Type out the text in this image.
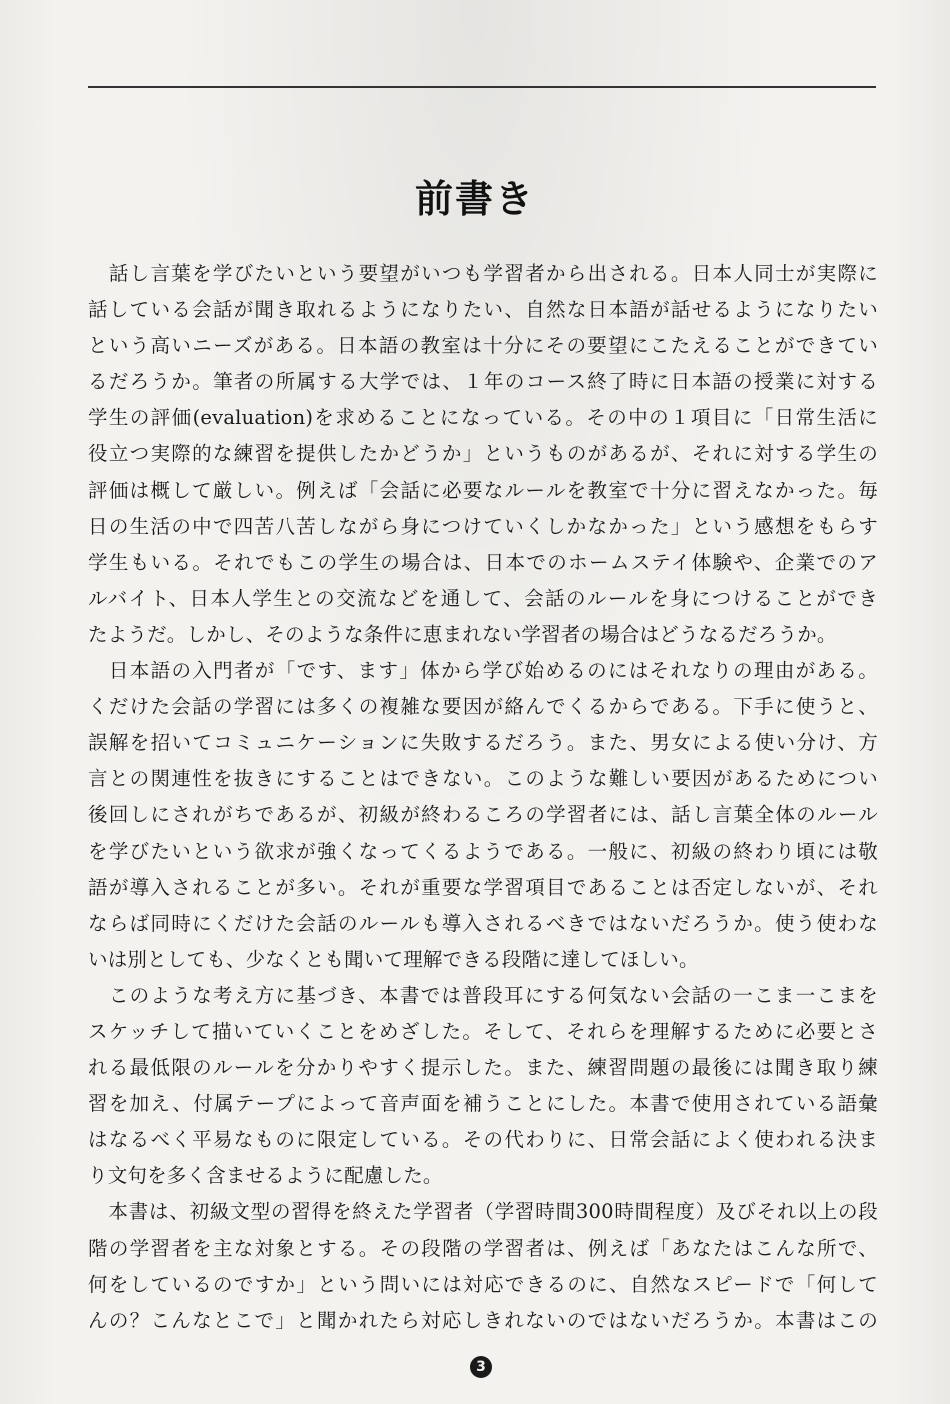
前書き
　話し言葉を学びたいという要望がいつも学習者から出される。日本人同士が実際に
話している会話が聞き取れるようになりたい、自然な日本語が話せるようになりたい
という高いニーズがある。日本語の教室は十分にその要望にこたえることができてい
るだろうか。筆者の所属する大学では、１年のコース終了時に日本語の授業に対する
学生の評価(evaluation)を求めることになっている。その中の１項目に「日常生活に
役立つ実際的な練習を提供したかどうか」というものがあるが、それに対する学生の
評価は概して厳しい。例えば「会話に必要なルールを教室で十分に習えなかった。毎
日の生活の中で四苦八苦しながら身につけていくしかなかった」という感想をもらす
学生もいる。それでもこの学生の場合は、日本でのホームステイ体験や、企業でのア
ルバイト、日本人学生との交流などを通して、会話のルールを身につけることができ
たようだ。しかし、そのような条件に恵まれない学習者の場合はどうなるだろうか。
　日本語の入門者が「です、ます」体から学び始めるのにはそれなりの理由がある。
くだけた会話の学習には多くの複雑な要因が絡んでくるからである。下手に使うと、
誤解を招いてコミュニケーションに失敗するだろう。また、男女による使い分け、方
言との関連性を抜きにすることはできない。このような難しい要因があるためについ
後回しにされがちであるが、初級が終わるころの学習者には、話し言葉全体のルール
を学びたいという欲求が強くなってくるようである。一般に、初級の終わり頃には敬
語が導入されることが多い。それが重要な学習項目であることは否定しないが、それ
ならば同時にくだけた会話のルールも導入されるべきではないだろうか。使う使わな
いは別としても、少なくとも聞いて理解できる段階に達してほしい。
　このような考え方に基づき、本書では普段耳にする何気ない会話の一こま一こまを
スケッチして描いていくことをめざした。そして、それらを理解するために必要とさ
れる最低限のルールを分かりやすく提示した。また、練習問題の最後には聞き取り練
習を加え、付属テープによって音声面を補うことにした。本書で使用されている語彙
はなるべく平易なものに限定している。その代わりに、日常会話によく使われる決ま
り文句を多く含ませるように配慮した。
　本書は、初級文型の習得を終えた学習者（学習時間300時間程度）及びそれ以上の段
階の学習者を主な対象とする。その段階の学習者は、例えば「あなたはこんな所で、
何をしているのですか」という問いには対応できるのに、自然なスピードで「何して
んの？こんなとこで」と聞かれたら対応しきれないのではないだろうか。本書はこの
3
